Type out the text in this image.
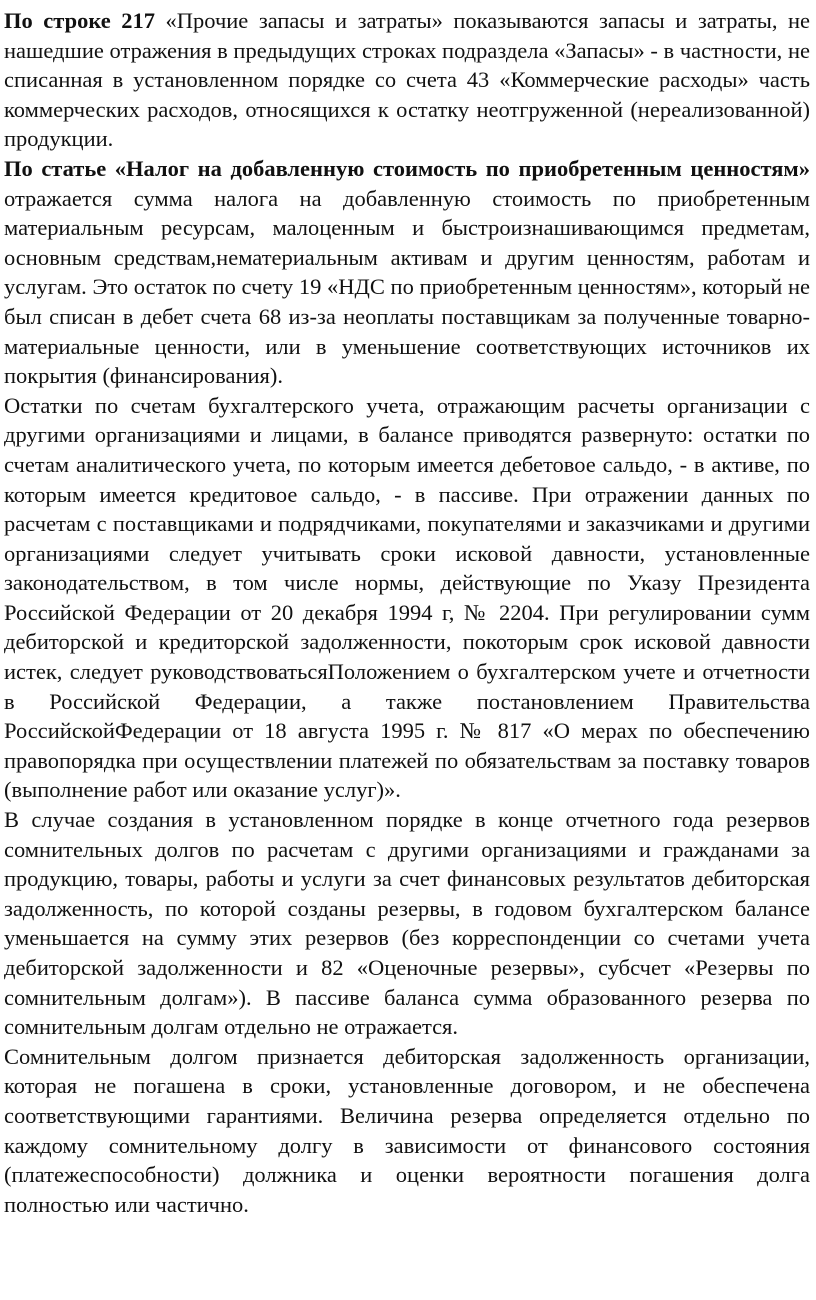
По строке 217 «Прочие запасы и затраты» показываются запасы и затраты, не нашедшие отражения в предыдущих строках подраздела «Запасы» - в частности, не списанная в установленном порядке со счета 43 «Коммерческие расходы» часть коммерческих расходов, относящихся к остатку неотгруженной (нереализованной) продукции.

По статье «Налог на добавленную стоимость по приобретенным ценностям» отражается сумма налога на добавленную стоимость по приобретенным материальным ресурсам, малоценным и быстроизнашивающимся предметам, основным средствам,нематериальным активам и другим ценностям, работам и услугам. Это остаток по счету 19 «НДС по приобретенным ценностям», который не был списан в дебет счета 68 из-за неоплаты поставщикам за полученные товарно-материальные ценности, или в уменьшение соответствующих источников их покрытия (финансирования).

Остатки по счетам бухгалтерского учета, отражающим расчеты организации с другими организациями и лицами, в балансе приводятся развернуто: остатки по счетам аналитического учета, по которым имеется дебетовое сальдо, - в активе, по которым имеется кредитовое сальдо, - в пассиве. При отражении данных по расчетам с поставщиками и подрядчиками, покупателями и заказчиками и другими организациями следует учитывать сроки исковой давности, установленные законодательством, в том числе нормы, действующие по Указу Президента Российской Федерации от 20 декабря 1994 г, № 2204. При регулировании сумм дебиторской и кредиторской задолженности, покоторым срок исковой давности истек, следует руководствоватьсяПоложением о бухгалтерском учете и отчетности в Российской Федерации, а также постановлением Правительства РоссийскойФедерации от 18 августа 1995 г. № 817 «О мерах по обеспечению правопорядка при осуществлении платежей по обязательствам за поставку товаров (выполнение работ или оказание услуг)».

В случае создания в установленном порядке в конце отчетного года резервов сомнительных долгов по расчетам с другими организациями и гражданами за продукцию, товары, работы и услуги за счет финансовых результатов дебиторская задолженность, по которой созданы резервы, в годовом бухгалтерском балансе уменьшается на сумму этих резервов (без корреспонденции со счетами учета дебиторской задолженности и 82 «Оценочные резервы», субсчет «Резервы по сомнительным долгам»). В пассиве баланса сумма образованного резерва по сомнительным долгам отдельно не отражается.

Сомнительным долгом признается дебиторская задолженность организации, которая не погашена в сроки, установленные договором, и не обеспечена соответствующими гарантиями. Величина резерва определяется отдельно по каждому сомнительному долгу в зависимости от финансового состояния (платежеспособности) должника и оценки вероятности погашения долга полностью или частично.
